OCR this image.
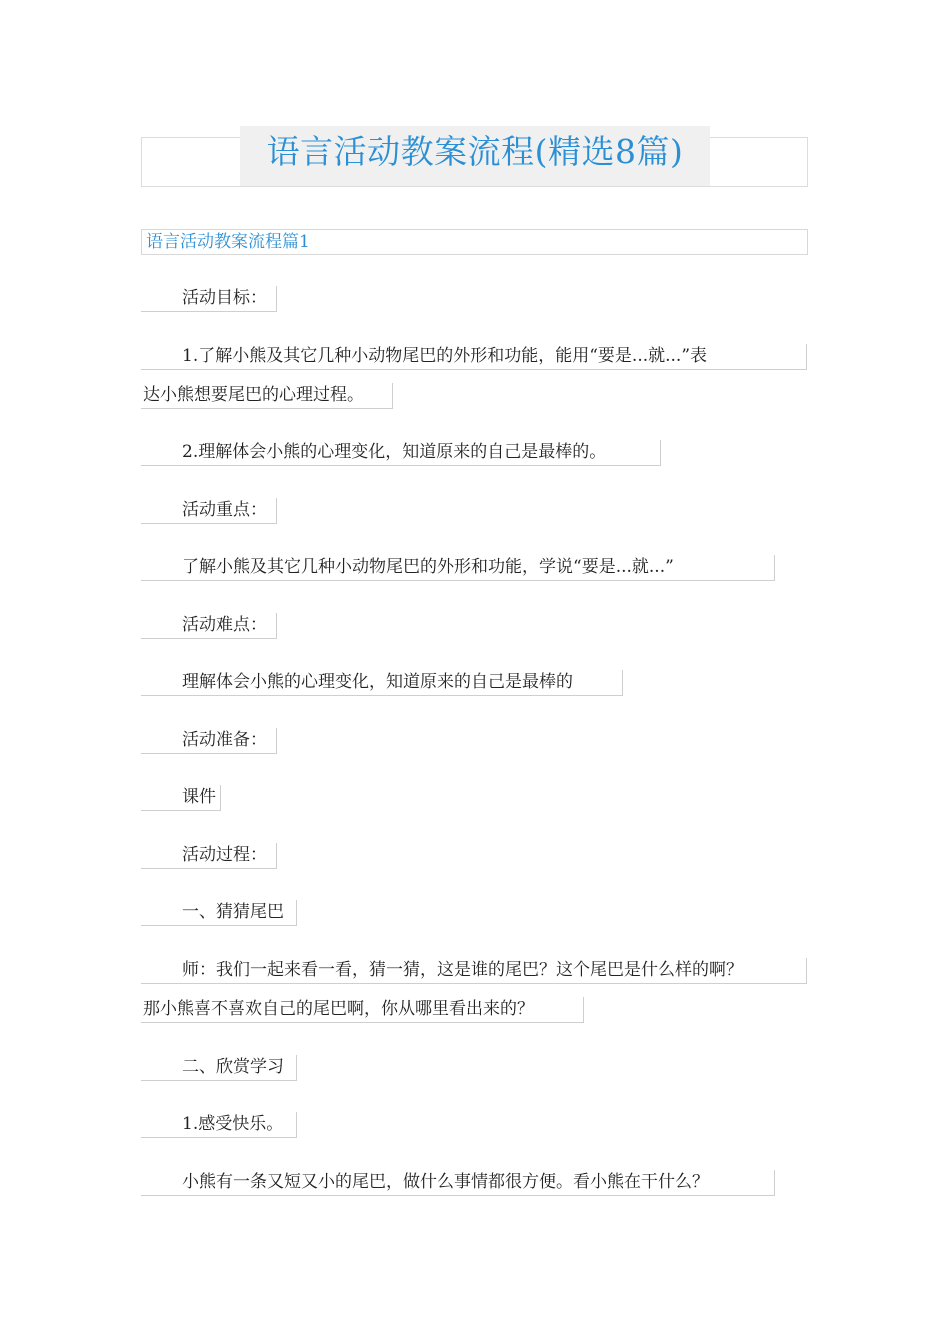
语言活动教案流程(精选8篇)
语言活动教案流程篇1
活动目标：
1.了解小熊及其它几种小动物尾巴的外形和功能，能用“要是...就...”表
达小熊想要尾巴的心理过程。
2.理解体会小熊的心理变化，知道原来的自己是最棒的。
活动重点：
了解小熊及其它几种小动物尾巴的外形和功能，学说“要是...就...”
活动难点：
理解体会小熊的心理变化，知道原来的自己是最棒的
活动准备：
课件
活动过程：
一、猜猜尾巴
师：我们一起来看一看，猜一猜，这是谁的尾巴？这个尾巴是什么样的啊？
那小熊喜不喜欢自己的尾巴啊，你从哪里看出来的？
二、欣赏学习
1.感受快乐。
小熊有一条又短又小的尾巴，做什么事情都很方便。看小熊在干什么？
